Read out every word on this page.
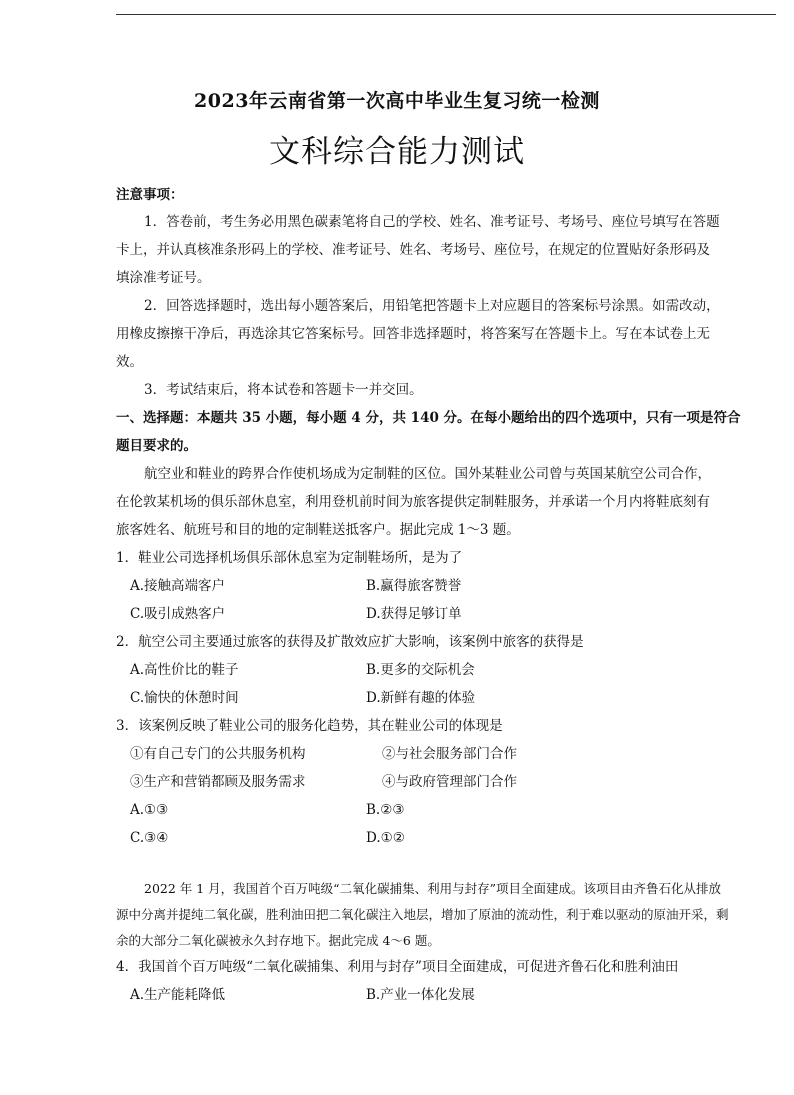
2023年云南省第一次高中毕业生复习统一检测
文科综合能力测试
注意事项：
1．答卷前，考生务必用黑色碳素笔将自己的学校、姓名、准考证号、考场号、座位号填写在答题
卡上，并认真核准条形码上的学校、准考证号、姓名、考场号、座位号，在规定的位置贴好条形码及
填涂准考证号。
2．回答选择题时，选出每小题答案后，用铅笔把答题卡上对应题目的答案标号涂黑。如需改动，
用橡皮擦擦干净后，再选涂其它答案标号。回答非选择题时，将答案写在答题卡上。写在本试卷上无
效。
3．考试结束后，将本试卷和答题卡一并交回。
一、选择题：本题共 35 小题，每小题 4 分，共 140 分。在每小题给出的四个选项中，只有一项是符合
题目要求的。
航空业和鞋业的跨界合作使机场成为定制鞋的区位。国外某鞋业公司曾与英国某航空公司合作，
在伦敦某机场的俱乐部休息室，利用登机前时间为旅客提供定制鞋服务，并承诺一个月内将鞋底刻有
旅客姓名、航班号和目的地的定制鞋送抵客户。据此完成 1～3 题。
1．鞋业公司选择机场俱乐部休息室为定制鞋场所，是为了
A.接触高端客户	B.赢得旅客赞誉
C.吸引成熟客户	D.获得足够订单
2．航空公司主要通过旅客的获得及扩散效应扩大影响，该案例中旅客的获得是
A.高性价比的鞋子	B.更多的交际机会
C.愉快的休憩时间	D.新鲜有趣的体验
3．该案例反映了鞋业公司的服务化趋势，其在鞋业公司的体现是
①有自己专门的公共服务机构	②与社会服务部门合作
③生产和营销都顾及服务需求	④与政府管理部门合作
A.①③	B.②③
C.③④	D.①②
2022 年 1 月，我国首个百万吨级“二氧化碳捕集、利用与封存”项目全面建成。该项目由齐鲁石化从排放
源中分离并提纯二氧化碳，胜利油田把二氧化碳注入地层，增加了原油的流动性，利于难以驱动的原油开采，剩
余的大部分二氧化碳被永久封存地下。据此完成 4～6 题。
4．我国首个百万吨级“二氧化碳捕集、利用与封存”项目全面建成，可促进齐鲁石化和胜利油田
A.生产能耗降低	B.产业一体化发展
